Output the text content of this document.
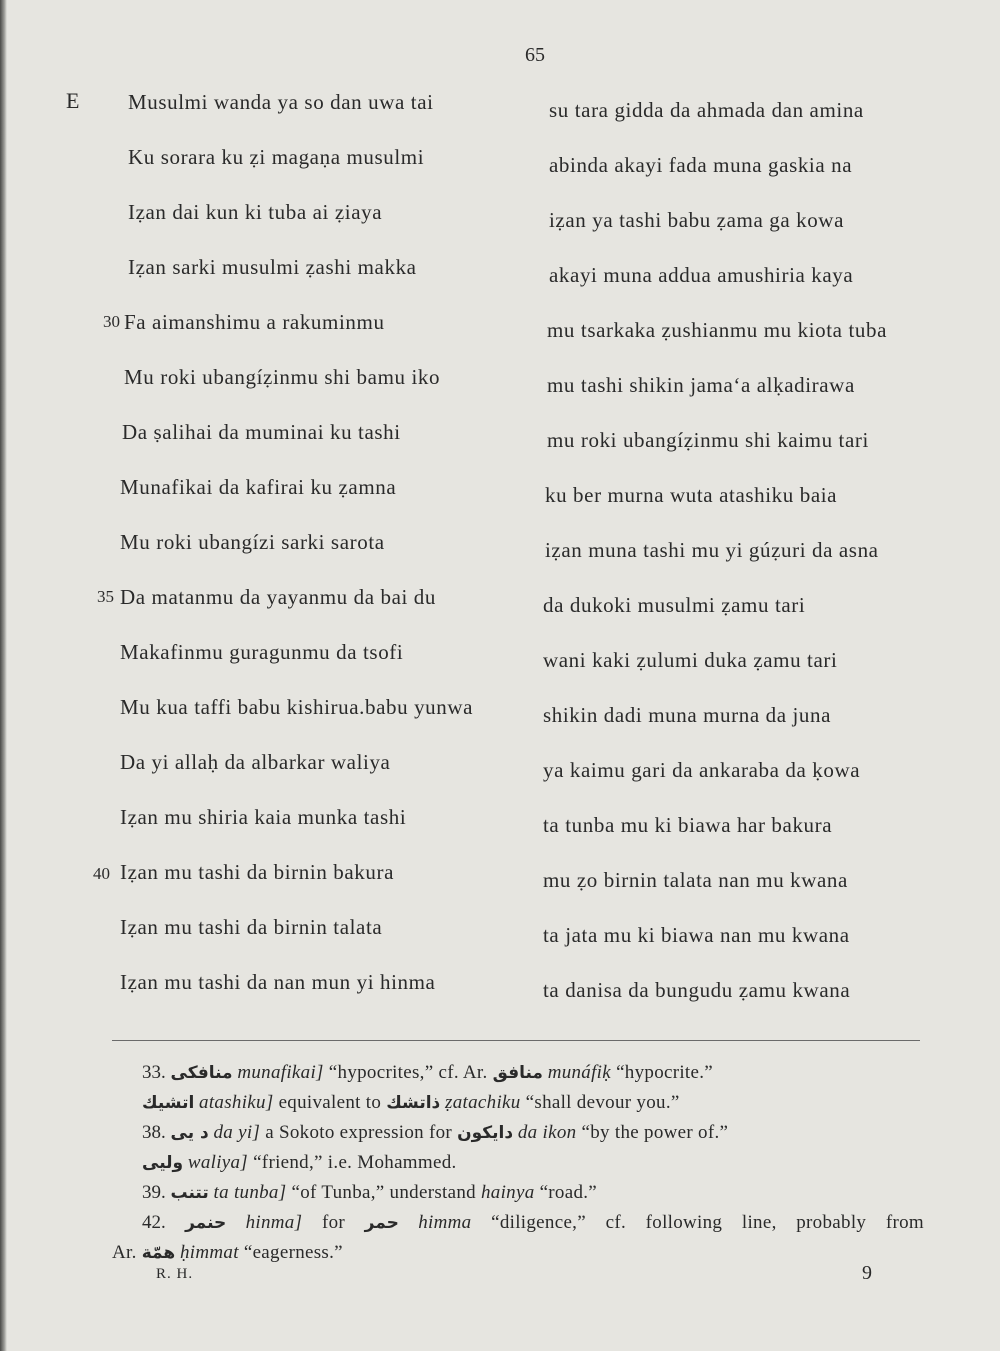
65
E
30
35
40
Musulmi wanda ya so dan uwa tai
Ku sorara ku ẓi magaṇa musulmi
Iẓan dai kun ki tuba ai ẓiaya
Iẓan sarki musulmi ẓashi makka
Fa aimanshimu a rakuminmu
Mu roki ubangíẓinmu shi bamu iko
Da ṣalihai da muminai ku tashi
Munafikai da kafirai ku ẓamna
Mu roki ubangízi sarki sarota
Da matanmu da yayanmu da bai du
Makafinmu guragunmu da tsofi
Mu kua taffi babu kishirua.babu yunwa
Da yi allaḥ da albarkar waliya
Iẓan mu shiria kaia munka tashi
Iẓan mu tashi da birnin bakura
Iẓan mu tashi da birnin talata
Iẓan mu tashi da nan mun yi hinma
su tara gidda da ahmada dan amina
abinda akayi fada muna gaskia na
iẓan ya tashi babu ẓama ga kowa
akayi muna addua amushiria kaya
mu tsarkaka ẓushianmu mu kiota tuba
mu tashi shikin jama‘a alḳadirawa
mu roki ubangíẓinmu shi kaimu tari
ku ber murna wuta atashiku baia
iẓan muna tashi mu yi gúẓuri da asna
da dukoki musulmi ẓamu tari
wani kaki ẓulumi duka ẓamu tari
shikin dadi muna murna da juna
ya kaimu gari da ankaraba da ḳowa
ta tunba mu ki biawa har bakura
mu ẓo birnin talata nan mu kwana
ta jata mu ki biawa nan mu kwana
ta danisa da bungudu ẓamu kwana

33. منافكى munafikai] “hypocrites,” cf. Ar. منافق munáfiḳ “hypocrite.”

اتشيك atashiku] equivalent to ذاتشك ẓatachiku “shall devour you.”

38. د يى da yi] a Sokoto expression for دايكون da ikon “by the power of.”

وليى waliya] “friend,” i.e. Mohammed.

39. تتنب ta tunba] “of Tunba,” understand hainya “road.”

42. حنمر hinma] for حمر himma “diligence,” cf. following line, probably from

Ar. همّة ḥimmat “eagerness.”

R. H.	9
